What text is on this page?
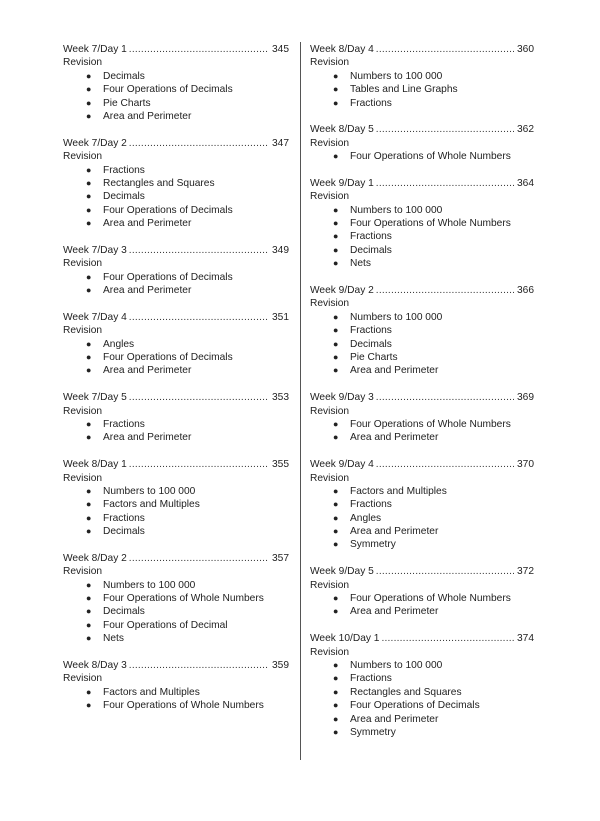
Week 7/Day 1 .....	345
Revision
● Decimals
● Four Operations of Decimals
● Pie Charts
● Area and Perimeter
Week 7/Day 2 .....	347
Revision
● Fractions
● Rectangles and Squares
● Decimals
● Four Operations of Decimals
● Area and Perimeter
Week 7/Day 3 .....	349
Revision
● Four Operations of Decimals
● Area and Perimeter
Week 7/Day 4 .....	351
Revision
● Angles
● Four Operations of Decimals
● Area and Perimeter
Week 7/Day 5 .....	353
Revision
● Fractions
● Area and Perimeter
Week 8/Day 1 .....	355
Revision
● Numbers to 100 000
● Factors and Multiples
● Fractions
● Decimals
Week 8/Day 2 .....	357
Revision
● Numbers to 100 000
● Four Operations of Whole Numbers
● Decimals
● Four Operations of Decimal
● Nets
Week 8/Day 3 .....	359
Revision
● Factors and Multiples
● Four Operations of Whole Numbers
Week 8/Day 4 .....	360
Revision
● Numbers to 100 000
● Tables and Line Graphs
● Fractions
Week 8/Day 5 .....	362
Revision
● Four Operations of Whole Numbers
Week 9/Day 1 .....	364
Revision
● Numbers to 100 000
● Four Operations of Whole Numbers
● Fractions
● Decimals
● Nets
Week 9/Day 2 .....	366
Revision
● Numbers to 100 000
● Fractions
● Decimals
● Pie Charts
● Area and Perimeter
Week 9/Day 3 .....	369
Revision
● Four Operations of Whole Numbers
● Area and Perimeter
Week 9/Day 4 .....	370
Revision
● Factors and Multiples
● Fractions
● Angles
● Area and Perimeter
● Symmetry
Week 9/Day 5 .....	372
Revision
● Four Operations of Whole Numbers
● Area and Perimeter
Week 10/Day 1 .....	374
Revision
● Numbers to 100 000
● Fractions
● Rectangles and Squares
● Four Operations of Decimals
● Area and Perimeter
● Symmetry
